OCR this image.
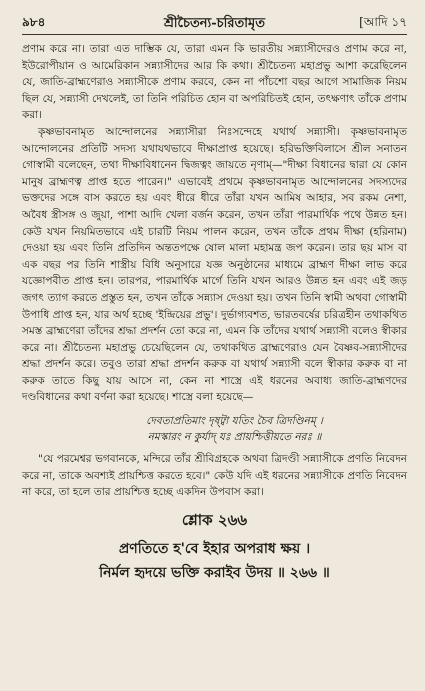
৯৮৪	শ্রীচৈতন্য-চরিতামৃত	[আদি ১৭

প্রণাম করে না। তারা এত দাম্ভিক যে, তারা এমন কি ভারতীয় সন্ন্যাসীদেরও প্রণাম করে না, ইউরোপীয়ান ও আমেরিকান সন্ন্যাসীদের আর কি কথা। শ্রীচৈতন্য মহাপ্রভু আশা করেছিলেন যে, জাতি-ব্রাহ্মণেরাও সন্ন্যাসীকে প্রণাম করবে, কেন না পাঁচশো বছর আগে সামাজিক নিয়ম ছিল যে, সন্ন্যাসী দেখলেই, তা তিনি পরিচিত হোন বা অপরিচিতই হোন, তৎক্ষণাৎ তাঁকে প্রণাম করা।

কৃষ্ণভাবনামৃত আন্দোলনের সন্ন্যাসীরা নিঃসন্দেহে যথার্থ সন্ন্যাসী। কৃষ্ণভাবনামৃত আন্দোলনের প্রতিটি সদস্য যথাযথভাবে দীক্ষাপ্রাপ্ত হয়েছে। হরিভক্তিবিলাসে শ্রীল সনাতন গোস্বামী বলেছেন, তথা দীক্ষাবিধানেন দ্বিজত্বং জায়তে নৃণাম্—"দীক্ষা বিধানের দ্বারা যে কোন মানুষ ব্রাহ্মণত্ব প্রাপ্ত হতে পারেন।" এভাবেই প্রথমে কৃষ্ণভাবনামৃত আন্দোলনের সদস্যদের ভক্তদের সঙ্গে বাস করতে হয় এবং ধীরে ধীরে তাঁরা যখন আমিষ আহার, সব রকম নেশা, অবৈধ স্ত্রীসঙ্গ ও জুয়া, পাশা আদি খেলা বর্জন করেন, তখন তাঁরা পারমার্থিক পথে উন্নত হন। কেউ যখন নিয়মিতভাবে এই চারটি নিয়ম পালন করেন, তখন তাঁকে প্রথম দীক্ষা (হরিনাম) দেওয়া হয় এবং তিনি প্রতিদিন অন্ততপক্ষে ষোল মালা মহামন্ত্র জপ করেন। তার ছয় মাস বা এক বছর পর তিনি শাস্ত্রীয় বিধি অনুসারে যজ্ঞ অনুষ্ঠানের মাধ্যমে ব্রাহ্মণ দীক্ষা লাভ করে যজ্ঞোপবীত প্রাপ্ত হন। তারপর, পারমার্থিক মার্গে তিনি যখন আরও উন্নত হন এবং এই জড় জগৎ ত্যাগ করতে প্রস্তুত হন, তখন তাঁকে সন্ন্যাস দেওয়া হয়। তখন তিনি স্বামী অথবা গোস্বামী উপাধি প্রাপ্ত হন, যার অর্থ হচ্ছে 'ইন্দ্রিয়ের প্রভু'। দুর্ভাগ্যবশত, ভারতবর্ষের চরিত্রহীন তথাকথিত সমস্ত ব্রাহ্মণেরা তাঁদের শ্রদ্ধা প্রদর্শন তো করে না, এমন কি তাঁদের যথার্থ সন্ন্যাসী বলেও স্বীকার করে না। শ্রীচৈতন্য মহাপ্রভু চেয়েছিলেন যে, তথাকথিত ব্রাহ্মণেরাও যেন বৈষ্ণব-সন্ন্যাসীদের শ্রদ্ধা প্রদর্শন করে। তবুও তারা শ্রদ্ধা প্রদর্শন করুক বা যথার্থ সন্ন্যাসী বলে স্বীকার করুক বা না করুক তাতে কিছু যায় আসে না, কেন না শাস্ত্রে এই ধরনের অবাধ্য জাতি-ব্রাহ্মণদের দণ্ডবিধানের কথা বর্ণনা করা হয়েছে। শাস্ত্রে বলা হয়েছে—

দেবতাপ্রতিমাং দৃষ্ট্বা যতিং চৈব ত্রিদণ্ডিনম্ ।
নমস্কারং ন কুর্যাদ্ যঃ প্রায়শ্চিত্তীয়তে নরঃ ॥

"যে পরমেশ্বর ভগবানকে, মন্দিরে তাঁর শ্রীবিগ্রহকে অথবা ত্রিদণ্ডী সন্ন্যাসীকে প্রণতি নিবেদন করে না, তাকে অবশ্যই প্রায়শ্চিত্ত করতে হবে।" কেউ যদি এই ধরনের সন্ন্যাসীকে প্রণতি নিবেদন না করে, তা হলে তার প্রায়শ্চিত্ত হচ্ছে একদিন উপবাস করা।

শ্লোক ২৬৬
প্রণতিতে হ'বে ইহার অপরাধ ক্ষয় ।
নির্মল হৃদয়ে ভক্তি করাইব উদয় ॥ ২৬৬ ॥
